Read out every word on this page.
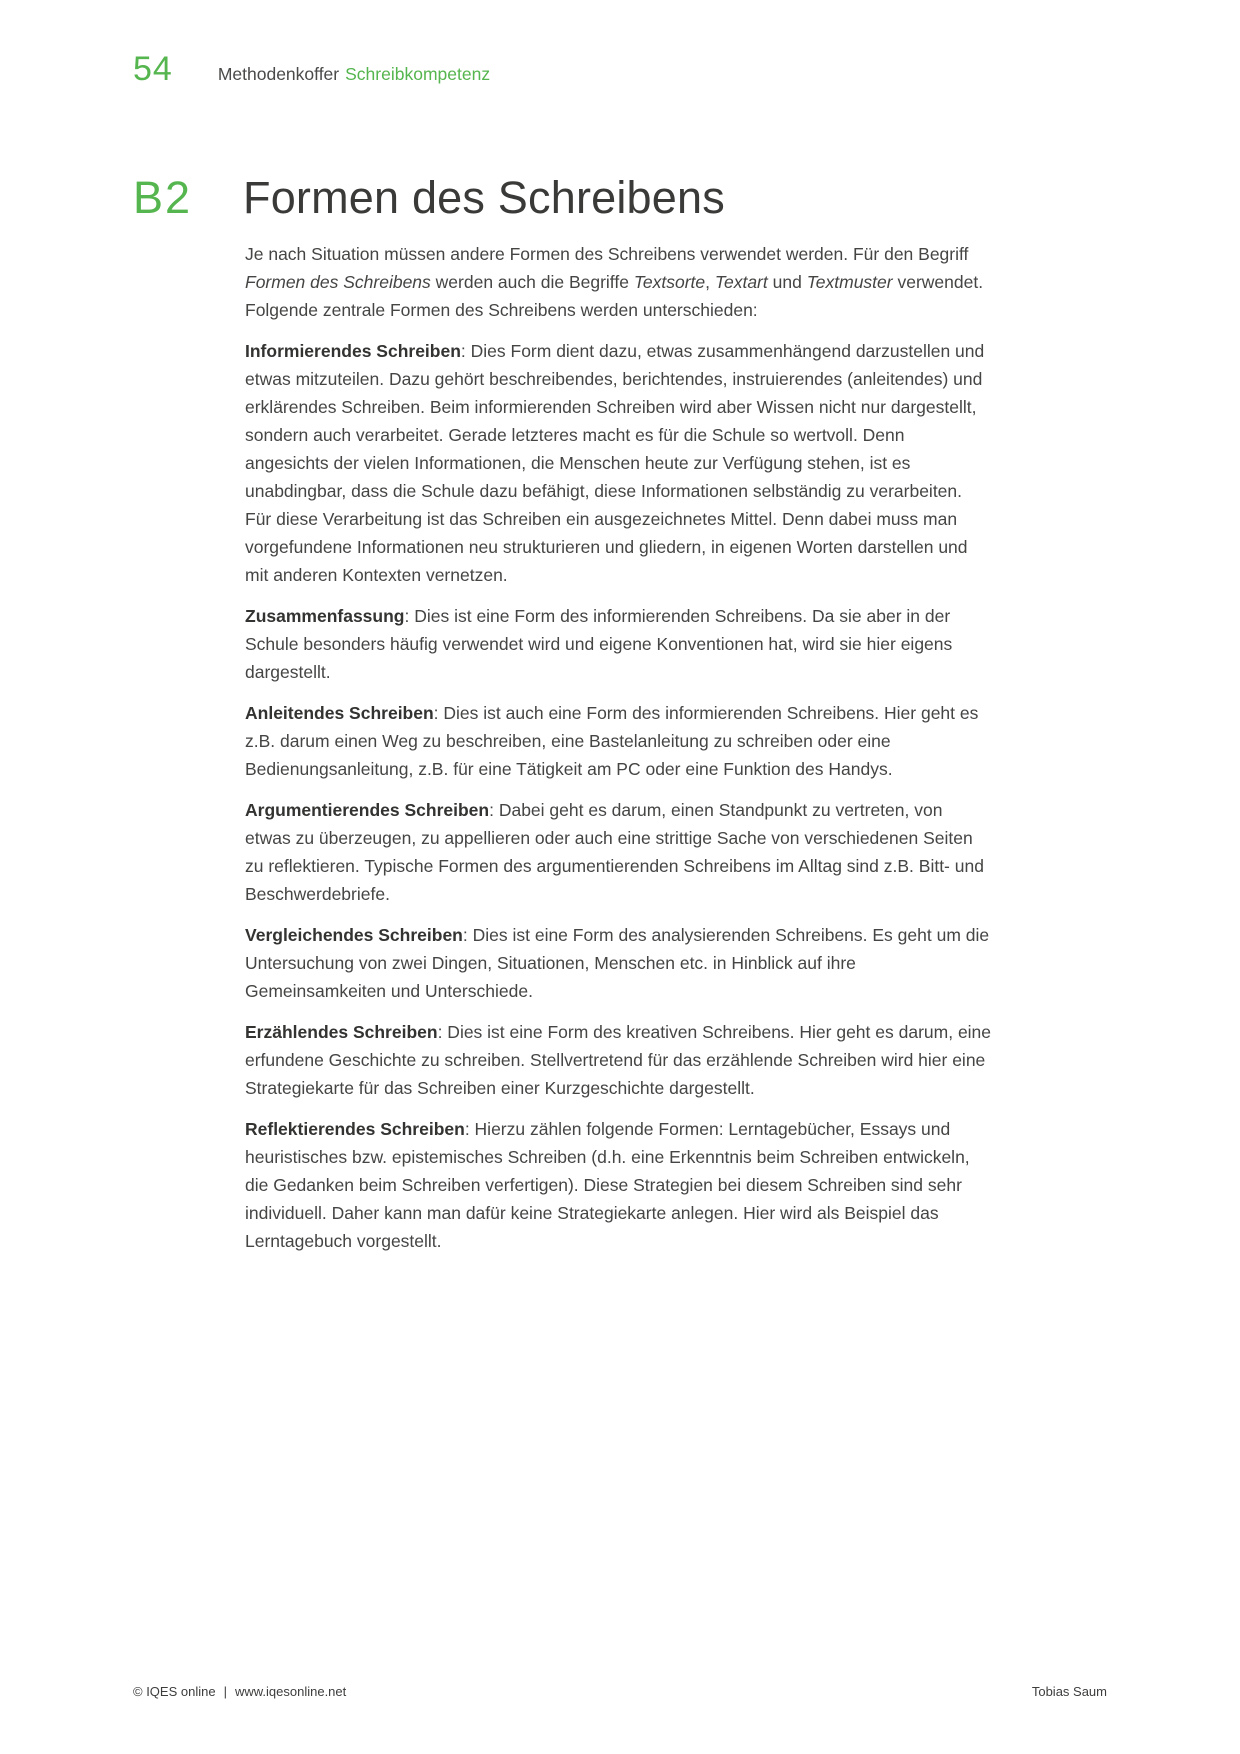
54	Methodenkoffer Schreibkompetenz
B2	Formen des Schreibens

Je nach Situation müssen andere Formen des Schreibens verwendet werden. Für den Begriff Formen des Schreibens werden auch die Begriffe Textsorte, Textart und Textmuster verwendet. Folgende zentrale Formen des Schreibens werden unterschieden:

Informierendes Schreiben: Dies Form dient dazu, etwas zusammenhängend darzustellen und etwas mitzuteilen. Dazu gehört beschreibendes, berichtendes, instruierendes (anleitendes) und erklärendes Schreiben. Beim informierenden Schreiben wird aber Wissen nicht nur dargestellt, sondern auch verarbeitet. Gerade letzteres macht es für die Schule so wertvoll. Denn angesichts der vielen Informationen, die Menschen heute zur Verfügung stehen, ist es unabdingbar, dass die Schule dazu befähigt, diese Informationen selbständig zu verarbeiten. Für diese Verarbeitung ist das Schreiben ein ausgezeichnetes Mittel. Denn dabei muss man vorgefundene Informationen neu strukturieren und gliedern, in eigenen Worten darstellen und mit anderen Kontexten vernetzen.

Zusammenfassung: Dies ist eine Form des informierenden Schreibens. Da sie aber in der Schule besonders häufig verwendet wird und eigene Konventionen hat, wird sie hier eigens dargestellt.

Anleitendes Schreiben: Dies ist auch eine Form des informierenden Schreibens. Hier geht es z.B. darum einen Weg zu beschreiben, eine Bastelanleitung zu schreiben oder eine Bedienungsanleitung, z.B. für eine Tätigkeit am PC oder eine Funktion des Handys.

Argumentierendes Schreiben: Dabei geht es darum, einen Standpunkt zu vertreten, von etwas zu überzeugen, zu appellieren oder auch eine strittige Sache von verschiedenen Seiten zu reflektieren. Typische Formen des argumentierenden Schreibens im Alltag sind z.B. Bitt- und Beschwerdebriefe.

Vergleichendes Schreiben: Dies ist eine Form des analysierenden Schreibens. Es geht um die Untersuchung von zwei Dingen, Situationen, Menschen etc. in Hinblick auf ihre Gemeinsamkeiten und Unterschiede.

Erzählendes Schreiben: Dies ist eine Form des kreativen Schreibens. Hier geht es darum, eine erfundene Geschichte zu schreiben. Stellvertretend für das erzählende Schreiben wird hier eine Strategiekarte für das Schreiben einer Kurzgeschichte dargestellt.

Reflektierendes Schreiben: Hierzu zählen folgende Formen: Lerntagebücher, Essays und heuristisches bzw. epistemisches Schreiben (d.h. eine Erkenntnis beim Schreiben entwickeln, die Gedanken beim Schreiben verfertigen). Diese Strategien bei diesem Schreiben sind sehr individuell. Daher kann man dafür keine Strategiekarte anlegen. Hier wird als Beispiel das Lerntagebuch vorgestellt.

© IQES online | www.iqesonline.net	Tobias Saum
